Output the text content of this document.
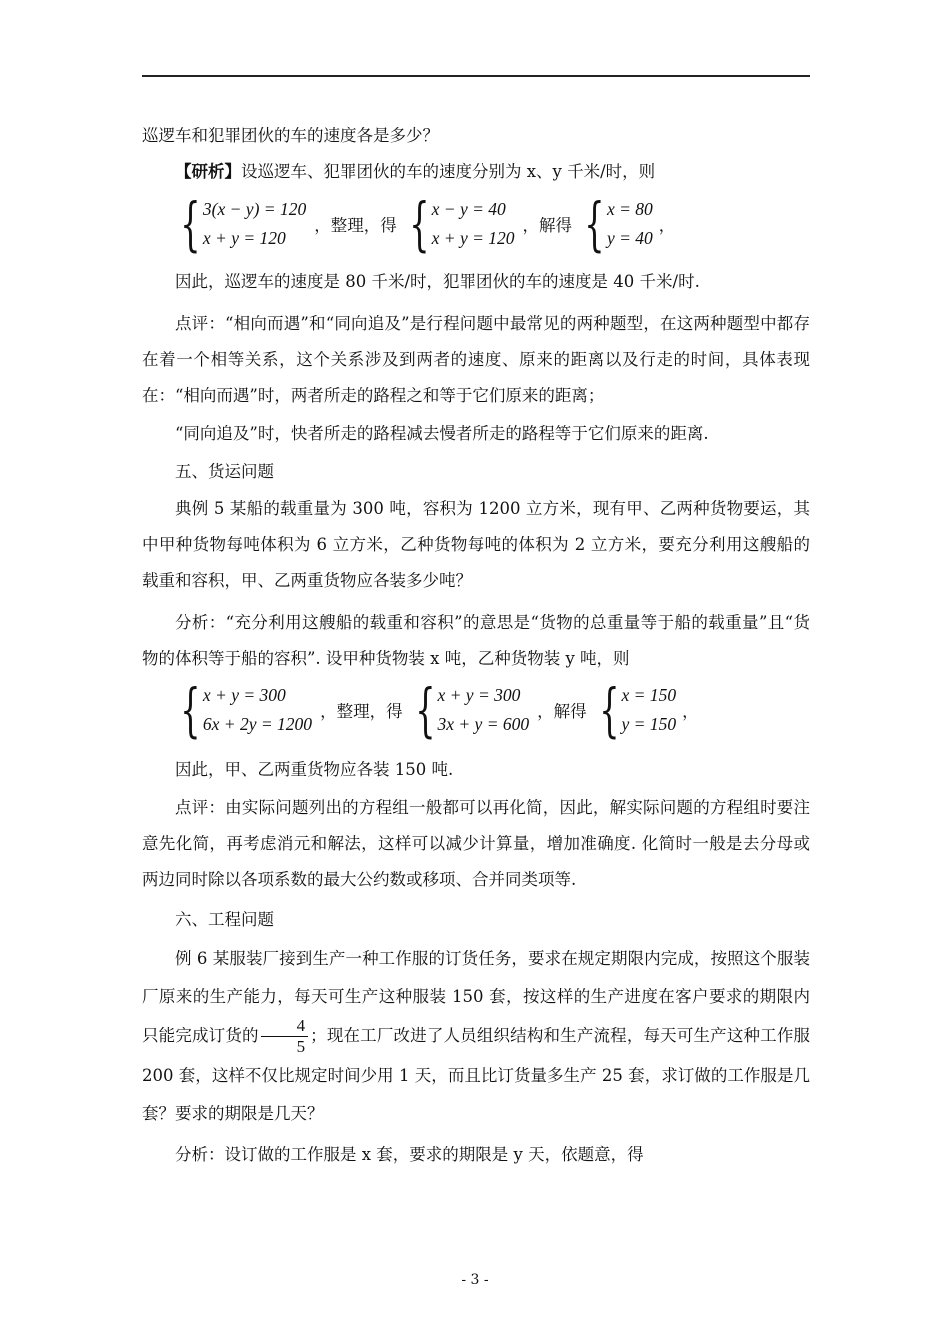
巡逻车和犯罪团伙的车的速度各是多少？

【研析】设巡逻车、犯罪团伙的车的速度分别为 x、y 千米/时，则

{ 3(x − y) = 120
x + y = 120
，整理，得 { x − y = 40
x + y = 120
，解得 { x = 80
y = 40
，

因此，巡逻车的速度是 80 千米/时，犯罪团伙的车的速度是 40 千米/时.

点评：“相向而遇”和“同向追及”是行程问题中最常见的两种题型，在这两种题型中都存在着一个相等关系，这个关系涉及到两者的速度、原来的距离以及行走的时间，具体表现在： “相向而遇”时，两者所走的路程之和等于它们原来的距离；

“同向追及”时，快者所走的路程减去慢者所走的路程等于它们原来的距离.

五、货运问题

典例 5 某船的载重量为 300 吨，容积为 1200 立方米，现有甲、乙两种货物要运，其中甲种货物每吨体积为 6 立方米，乙种货物每吨的体积为 2 立方米，要充分利用这艘船的载重和容积，甲、乙两重货物应各装多少吨？

分析：“充分利用这艘船的载重和容积”的意思是“货物的总重量等于船的载重量”且“货物的体积等于船的容积”. 设甲种货物装 x 吨，乙种货物装 y 吨，则

{ x + y = 300
6x + 2y = 1200
，整理，得 { x + y = 300
3x + y = 600
，解得 { x = 150
y = 150
，

因此，甲、乙两重货物应各装 150 吨.

点评：由实际问题列出的方程组一般都可以再化简，因此，解实际问题的方程组时要注意先化简，再考虑消元和解法，这样可以减少计算量，增加准确度. 化简时一般是去分母或两边同时除以各项系数的最大公约数或移项、合并同类项等.

六、工程问题

例 6 某服装厂接到生产一种工作服的订货任务，要求在规定期限内完成，按照这个服装厂原来的生产能力，每天可生产这种服装 150 套，按这样的生产进度在客户要求的期限内只能完成订货的 $\frac{4}{5}$ ；现在工厂改进了人员组织结构和生产流程，每天可生产这种工作服 200 套，这样不仅比规定时间少用 1 天，而且比订货量多生产 25 套，求订做的工作服是几套？要求的期限是几天？

分析：设订做的工作服是 x 套，要求的期限是 y 天，依题意，得

- 3 -
